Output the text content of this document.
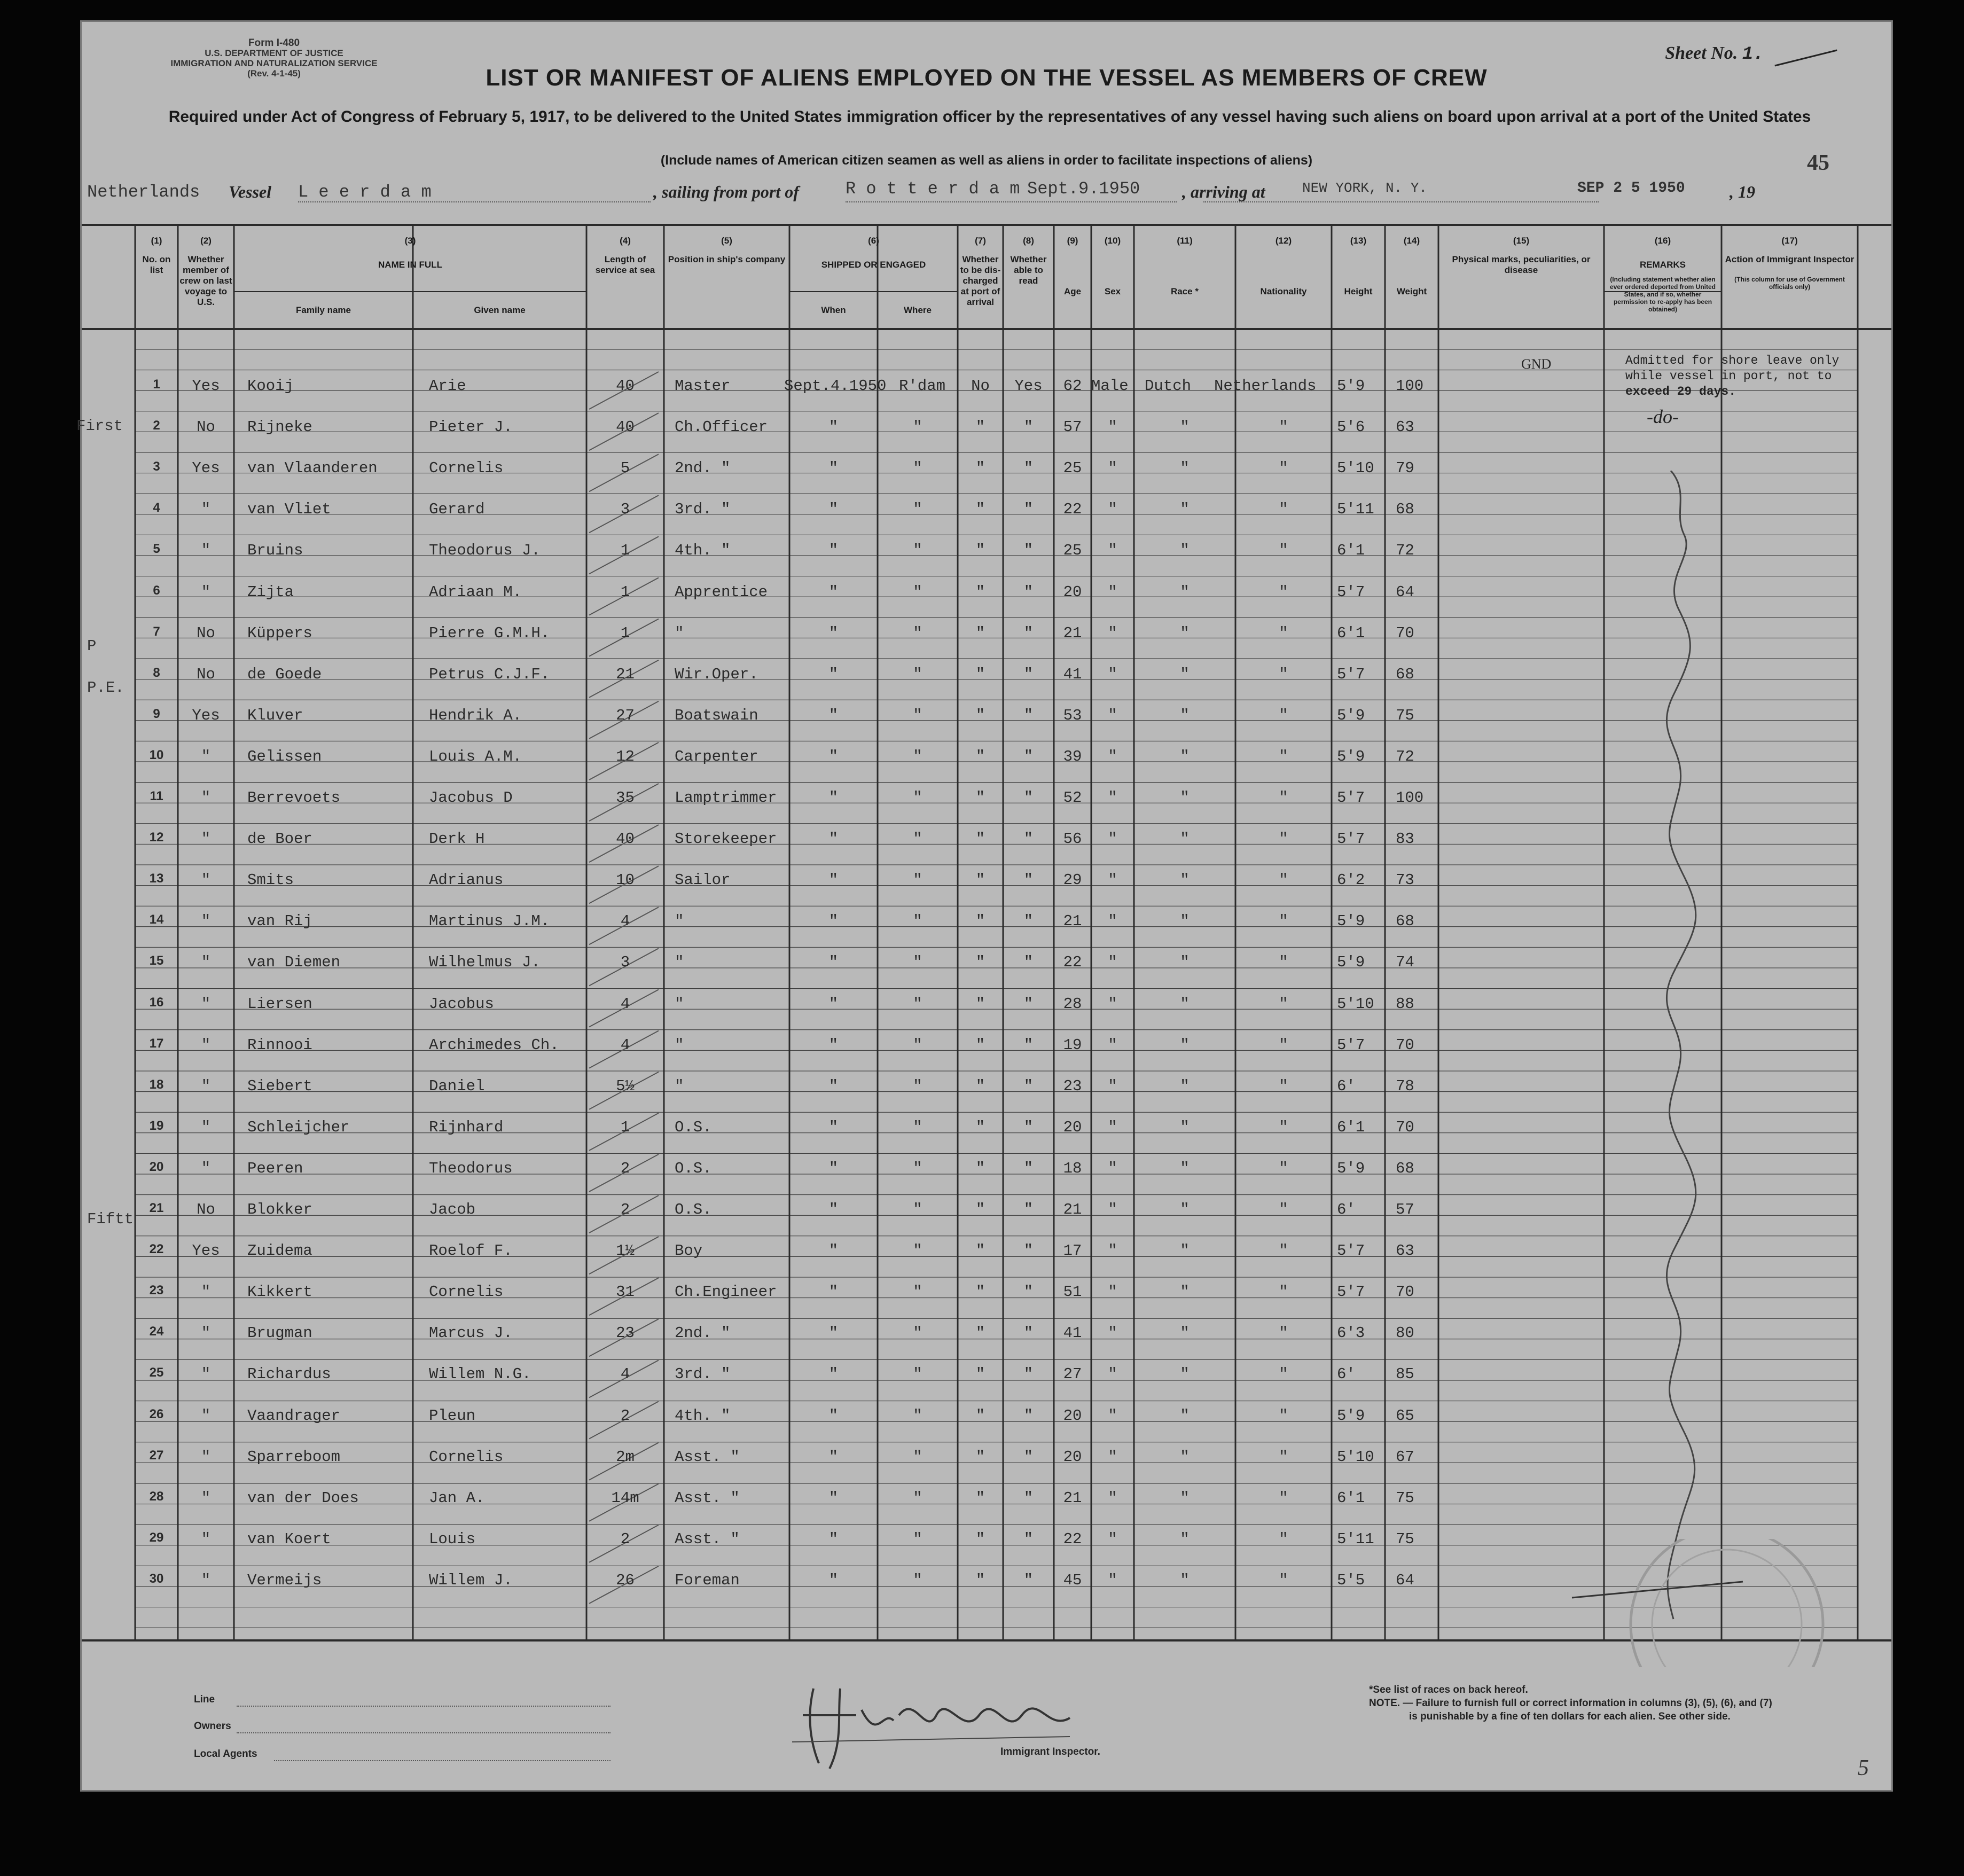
Form I-480
U.S. DEPARTMENT OF JUSTICE
IMMIGRATION AND NATURALIZATION SERVICE
(Rev. 4-1-45)
Sheet No. 1.
LIST OR MANIFEST OF ALIENS EMPLOYED ON THE VESSEL AS MEMBERS OF CREW
Required under Act of Congress of February 5, 1917, to be delivered to the United States immigration officer by the representatives of any vessel having such aliens on board upon arrival at a port of the United States
(Include names of American citizen seamen as well as aliens in order to facilitate inspections of aliens)	45
Netherlands Vessel L e e r d a m	, sailing from port of	R o t t e r d a m Sept.9.1950 , arriving at	NEW YORK, N. Y.	SEP 2 5 1950	, 19
(1)
No. on list
(2)
Whether member of crew on last voyage to U.S.
(3)
NAME IN FULL
Family name	Given name
(4)
Length of service at sea
(5)
Position in ship's company
(6)
SHIPPED OR ENGAGED
When	Where
(7)
Whether to be dis-charged at port of arrival
(8)
Whether able to read
(9)
Age
(10)
Sex
(11)
Race *
(12)
Nationality
(13)
Height
(14)
Weight
(15)
Physical marks, peculiarities, or disease
(16)
REMARKS
(Including statement whether alien ever ordered deported from United States, and if so, whether permission to re-apply has been obtained)
(17)
Action of Immigrant Inspector
(This column for use of Government officials only)
1	Yes	Kooij	Arie	40	Master	Sept.4.1950 R'dam	No	Yes	62 Male Dutch Netherlands 5'9 100
2	No	Rijneke	Pieter J.	40	Ch.Officer	"	"	"	"	57	"	"	"	5'6 63
3	Yes	van Vlaanderen	Cornelis	5	2nd. "	"	"	"	"	25	"	"	"	5'10 79
4	"	van Vliet	Gerard	3	3rd. "	"	"	"	"	22	"	"	"	5'11 68
5	"	Bruins	Theodorus J.	1	4th. "	"	"	"	"	25	"	"	"	6'1 72
6	"	Zijta	Adriaan M.	1	Apprentice	"	"	"	"	20	"	"	"	5'7 64
7	No	Küppers	Pierre G.M.H.	1	"	"	"	"	"	21	"	"	"	6'1 70
8	No	de Goede	Petrus C.J.F.	21	Wir.Oper.	"	"	"	"	41	"	"	"	5'7 68
9	Yes	Kluver	Hendrik A.	27	Boatswain	"	"	"	"	53	"	"	"	5'9 75
10	"	Gelissen	Louis A.M.	12	Carpenter	"	"	"	"	39	"	"	"	5'9 72
11	"	Berrevoets	Jacobus D	35	Lamptrimmer	"	"	"	"	52	"	"	"	5'7 100
12	"	de Boer	Derk H	40	Storekeeper	"	"	"	"	56	"	"	"	5'7 83
13	"	Smits	Adrianus	10	Sailor	"	"	"	"	29	"	"	"	6'2 73
14	"	van Rij	Martinus J.M.	4	"	"	"	"	"	21	"	"	"	5'9 68
15	"	van Diemen	Wilhelmus J.	3	"	"	"	"	"	22	"	"	"	5'9 74
16	"	Liersen	Jacobus	4	"	"	"	"	"	28	"	"	"	5'10 88
17	"	Rinnooi	Archimedes Ch.	4	"	"	"	"	"	19	"	"	"	5'7 70
18	"	Siebert	Daniel	5½	"	"	"	"	"	23	"	"	"	6'	78
19	"	Schleijcher	Rijnhard	1	O.S.	"	"	"	"	20	"	"	"	6'1 70
20	"	Peeren	Theodorus	2	O.S.	"	"	"	"	18	"	"	"	5'9 68
21	No	Blokker	Jacob	2	O.S.	"	"	"	"	21	"	"	"	6'	57
22	Yes	Zuidema	Roelof F.	1½	Boy	"	"	"	"	17	"	"	"	5'7 63
23	"	Kikkert	Cornelis	31	Ch.Engineer	"	"	"	"	51	"	"	"	5'7 70
24	"	Brugman	Marcus J.	23	2nd. "	"	"	"	"	41	"	"	"	6'3 80
25	"	Richardus	Willem N.G.	4	3rd. "	"	"	"	"	27	"	"	"	6'	85
26	"	Vaandrager	Pleun	2	4th. "	"	"	"	"	20	"	"	"	5'9 65
27	"	Sparreboom	Cornelis	2m	Asst. "	"	"	"	"	20	"	"	"	5'10 67
28	"	van der Does	Jan A.	14m	Asst. "	"	"	"	"	21	"	"	"	6'1 75
29	"	van Koert	Louis	2	Asst. "	"	"	"	"	22	"	"	"	5'11 75
30	"	Vermeijs	Willem J.	26	Foreman	"	"	"	"	45	"	"	"	5'5 64
First
P
P.E.
Fiftt
GND	Admitted for shore leave only
while vessel in port, not to
exceed 29 days.
-do-
Line
Owners
Local Agents	Immigrant Inspector.
*See list of races on back hereof.
NOTE. — Failure to furnish full or correct information in columns (3), (5), (6), and (7)
is punishable by a fine of ten dollars for each alien. See other side.
5
